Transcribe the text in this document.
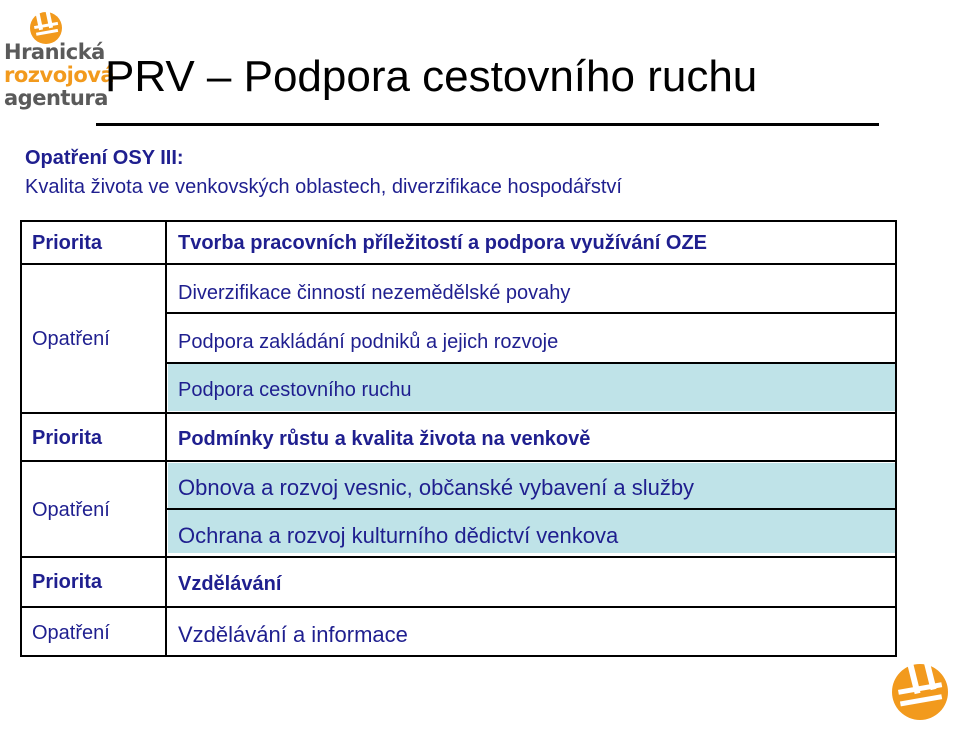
Hranická
rozvojová
agentura
PRV – Podpora cestovního ruchu
Opatření OSY III:
Kvalita života ve venkovských oblastech, diverzifikace hospodářství
Priorita
Opatření
Priorita
Opatření
Priorita
Opatření
Tvorba pracovních příležitostí a podpora využívání OZE
Diverzifikace činností nezemědělské povahy
Podpora zakládání podniků a jejich rozvoje
Podpora cestovního ruchu
Podmínky růstu a kvalita života na venkově
Obnova a rozvoj vesnic, občanské vybavení a služby
Ochrana a rozvoj kulturního dědictví venkova
Vzdělávání
Vzdělávání a informace
